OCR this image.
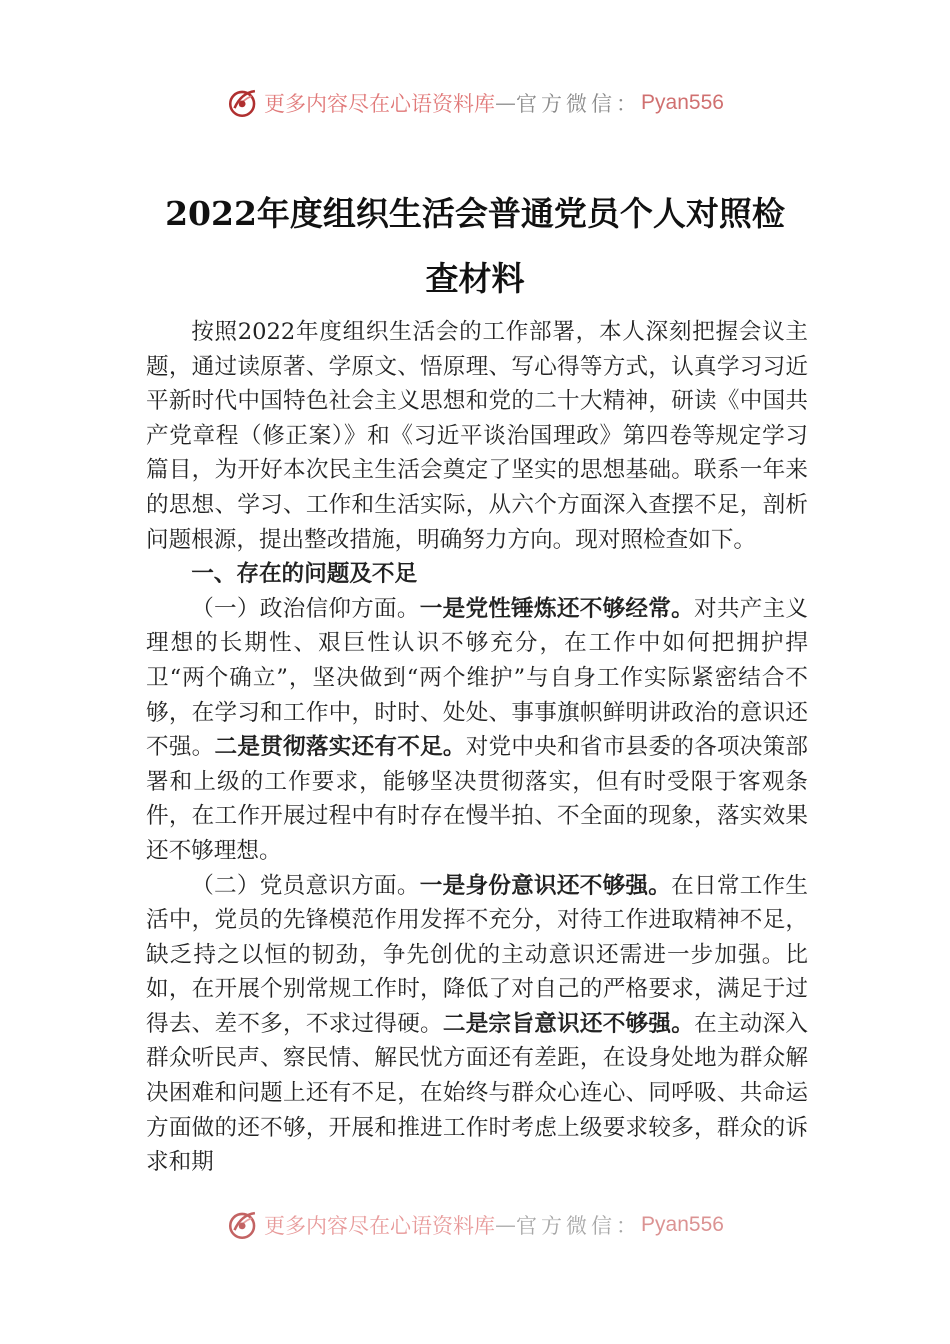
更多内容尽在心语资料库 — 官方微信： Pyan556
2022年度组织生活会普通党员个人对照检
查材料

按照2022年度组织生活会的工作部署，本人深刻把握会议主题，通过读原著、学原文、悟原理、写心得等方式，认真学习习近平新时代中国特色社会主义思想和党的二十大精神，研读《中国共产党章程（修正案）》和《习近平谈治国理政》第四卷等规定学习篇目，为开好本次民主生活会奠定了坚实的思想基础。联系一年来的思想、学习、工作和生活实际，从六个方面深入查摆不足，剖析问题根源，提出整改措施，明确努力方向。现对照检查如下。

一、存在的问题及不足

（一）政治信仰方面。一是党性锤炼还不够经常。对共产主义理想的长期性、艰巨性认识不够充分，在工作中如何把拥护捍卫“两个确立”，坚决做到“两个维护”与自身工作实际紧密结合不够，在学习和工作中，时时、处处、事事旗帜鲜明讲政治的意识还不强。二是贯彻落实还有不足。对党中央和省市县委的各项决策部署和上级的工作要求，能够坚决贯彻落实，但有时受限于客观条件，在工作开展过程中有时存在慢半拍、不全面的现象，落实效果还不够理想。

（二）党员意识方面。一是身份意识还不够强。在日常工作生活中，党员的先锋模范作用发挥不充分，对待工作进取精神不足，缺乏持之以恒的韧劲，争先创优的主动意识还需进一步加强。比如，在开展个别常规工作时，降低了对自己的严格要求，满足于过得去、差不多，不求过得硬。二是宗旨意识还不够强。在主动深入群众听民声、察民情、解民忧方面还有差距，在设身处地为群众解决困难和问题上还有不足，在始终与群众心连心、同呼吸、共命运方面做的还不够，开展和推进工作时考虑上级要求较多，群众的诉求和期

更多内容尽在心语资料库 — 官方微信： Pyan556
